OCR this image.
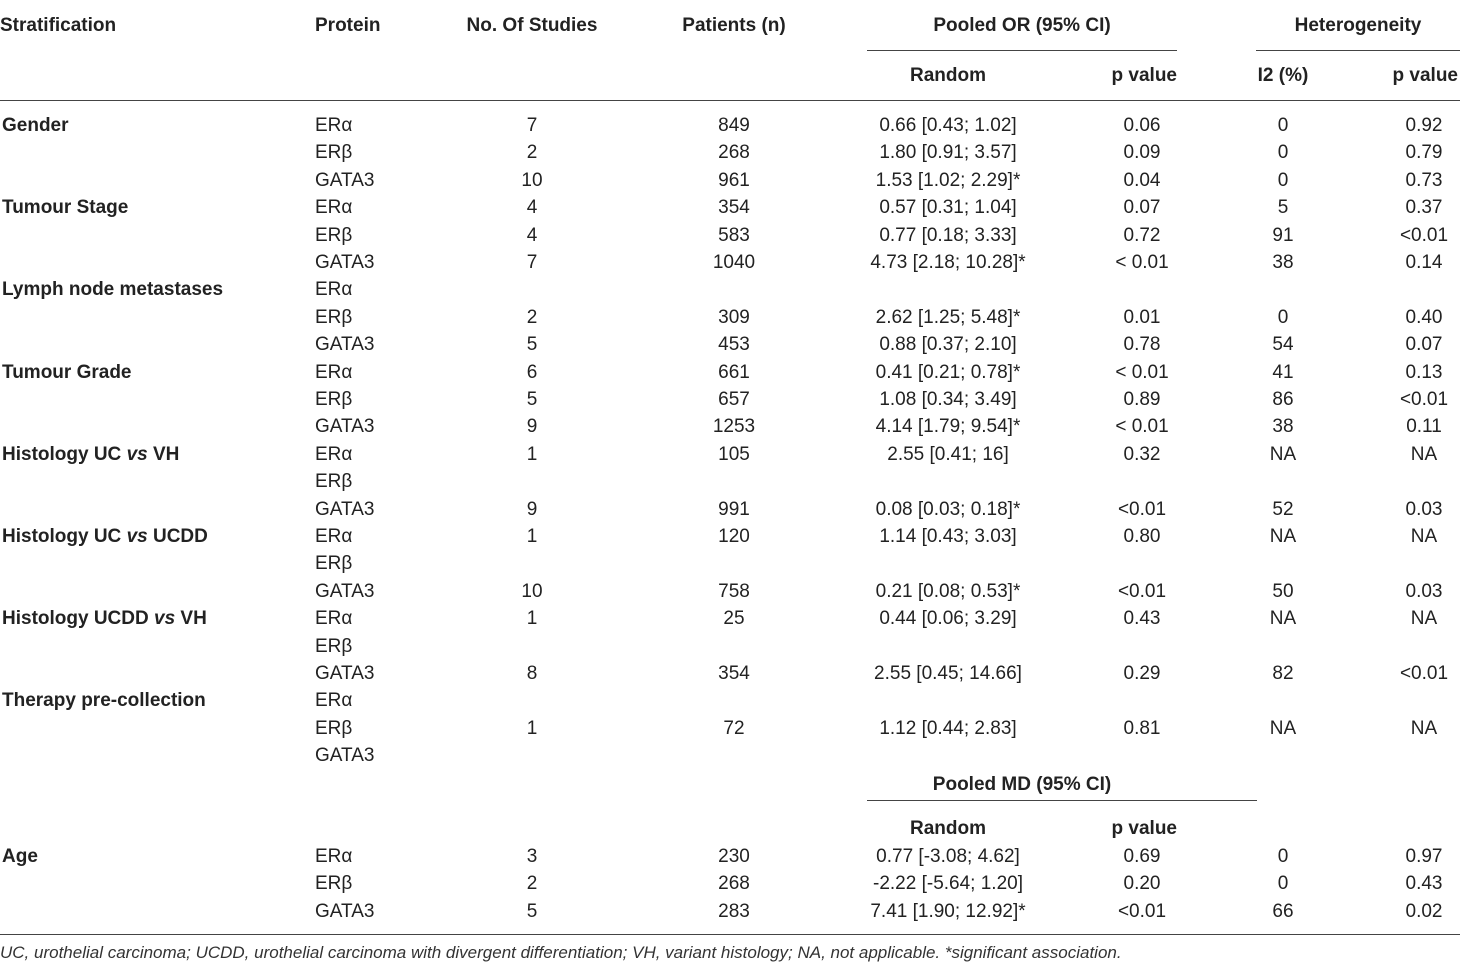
Stratification	Protein	No. Of Studies	Patients (n)	Pooled OR (95% CI)	Heterogeneity
Random	p value	I2 (%)	p value
Gender	ERα	7	849	0.66 [0.43; 1.02]	0.06	0	0.92
ERβ	2	268	1.80 [0.91; 3.57]	0.09	0	0.79
GATA3	10	961	1.53 [1.02; 2.29]*	0.04	0	0.73
Tumour Stage	ERα	4	354	0.57 [0.31; 1.04]	0.07	5	0.37
ERβ	4	583	0.77 [0.18; 3.33]	0.72	91	<0.01
GATA3	7	1040	4.73 [2.18; 10.28]*	< 0.01	38	0.14
Lymph node metastases	ERα
ERβ	2	309	2.62 [1.25; 5.48]*	0.01	0	0.40
GATA3	5	453	0.88 [0.37; 2.10]	0.78	54	0.07
Tumour Grade	ERα	6	661	0.41 [0.21; 0.78]*	< 0.01	41	0.13
ERβ	5	657	1.08 [0.34; 3.49]	0.89	86	<0.01
GATA3	9	1253	4.14 [1.79; 9.54]*	< 0.01	38	0.11
Histology UC vs VH	ERα	1	105	2.55 [0.41; 16]	0.32	NA	NA
ERβ
GATA3	9	991	0.08 [0.03; 0.18]*	<0.01	52	0.03
Histology UC vs UCDD	ERα	1	120	1.14 [0.43; 3.03]	0.80	NA	NA
ERβ
GATA3	10	758	0.21 [0.08; 0.53]*	<0.01	50	0.03
Histology UCDD vs VH	ERα	1	25	0.44 [0.06; 3.29]	0.43	NA	NA
ERβ
GATA3	8	354	2.55 [0.45; 14.66]	0.29	82	<0.01
Therapy pre-collection	ERα
ERβ	1	72	1.12 [0.44; 2.83]	0.81	NA	NA
GATA3
Pooled MD (95% CI)
Random	p value
Age	ERα	3	230	0.77 [-3.08; 4.62]	0.69	0	0.97
ERβ	2	268	-2.22 [-5.64; 1.20]	0.20	0	0.43
GATA3	5	283	7.41 [1.90; 12.92]*	<0.01	66	0.02
UC, urothelial carcinoma; UCDD, urothelial carcinoma with divergent differentiation; VH, variant histology; NA, not applicable. *significant association.
